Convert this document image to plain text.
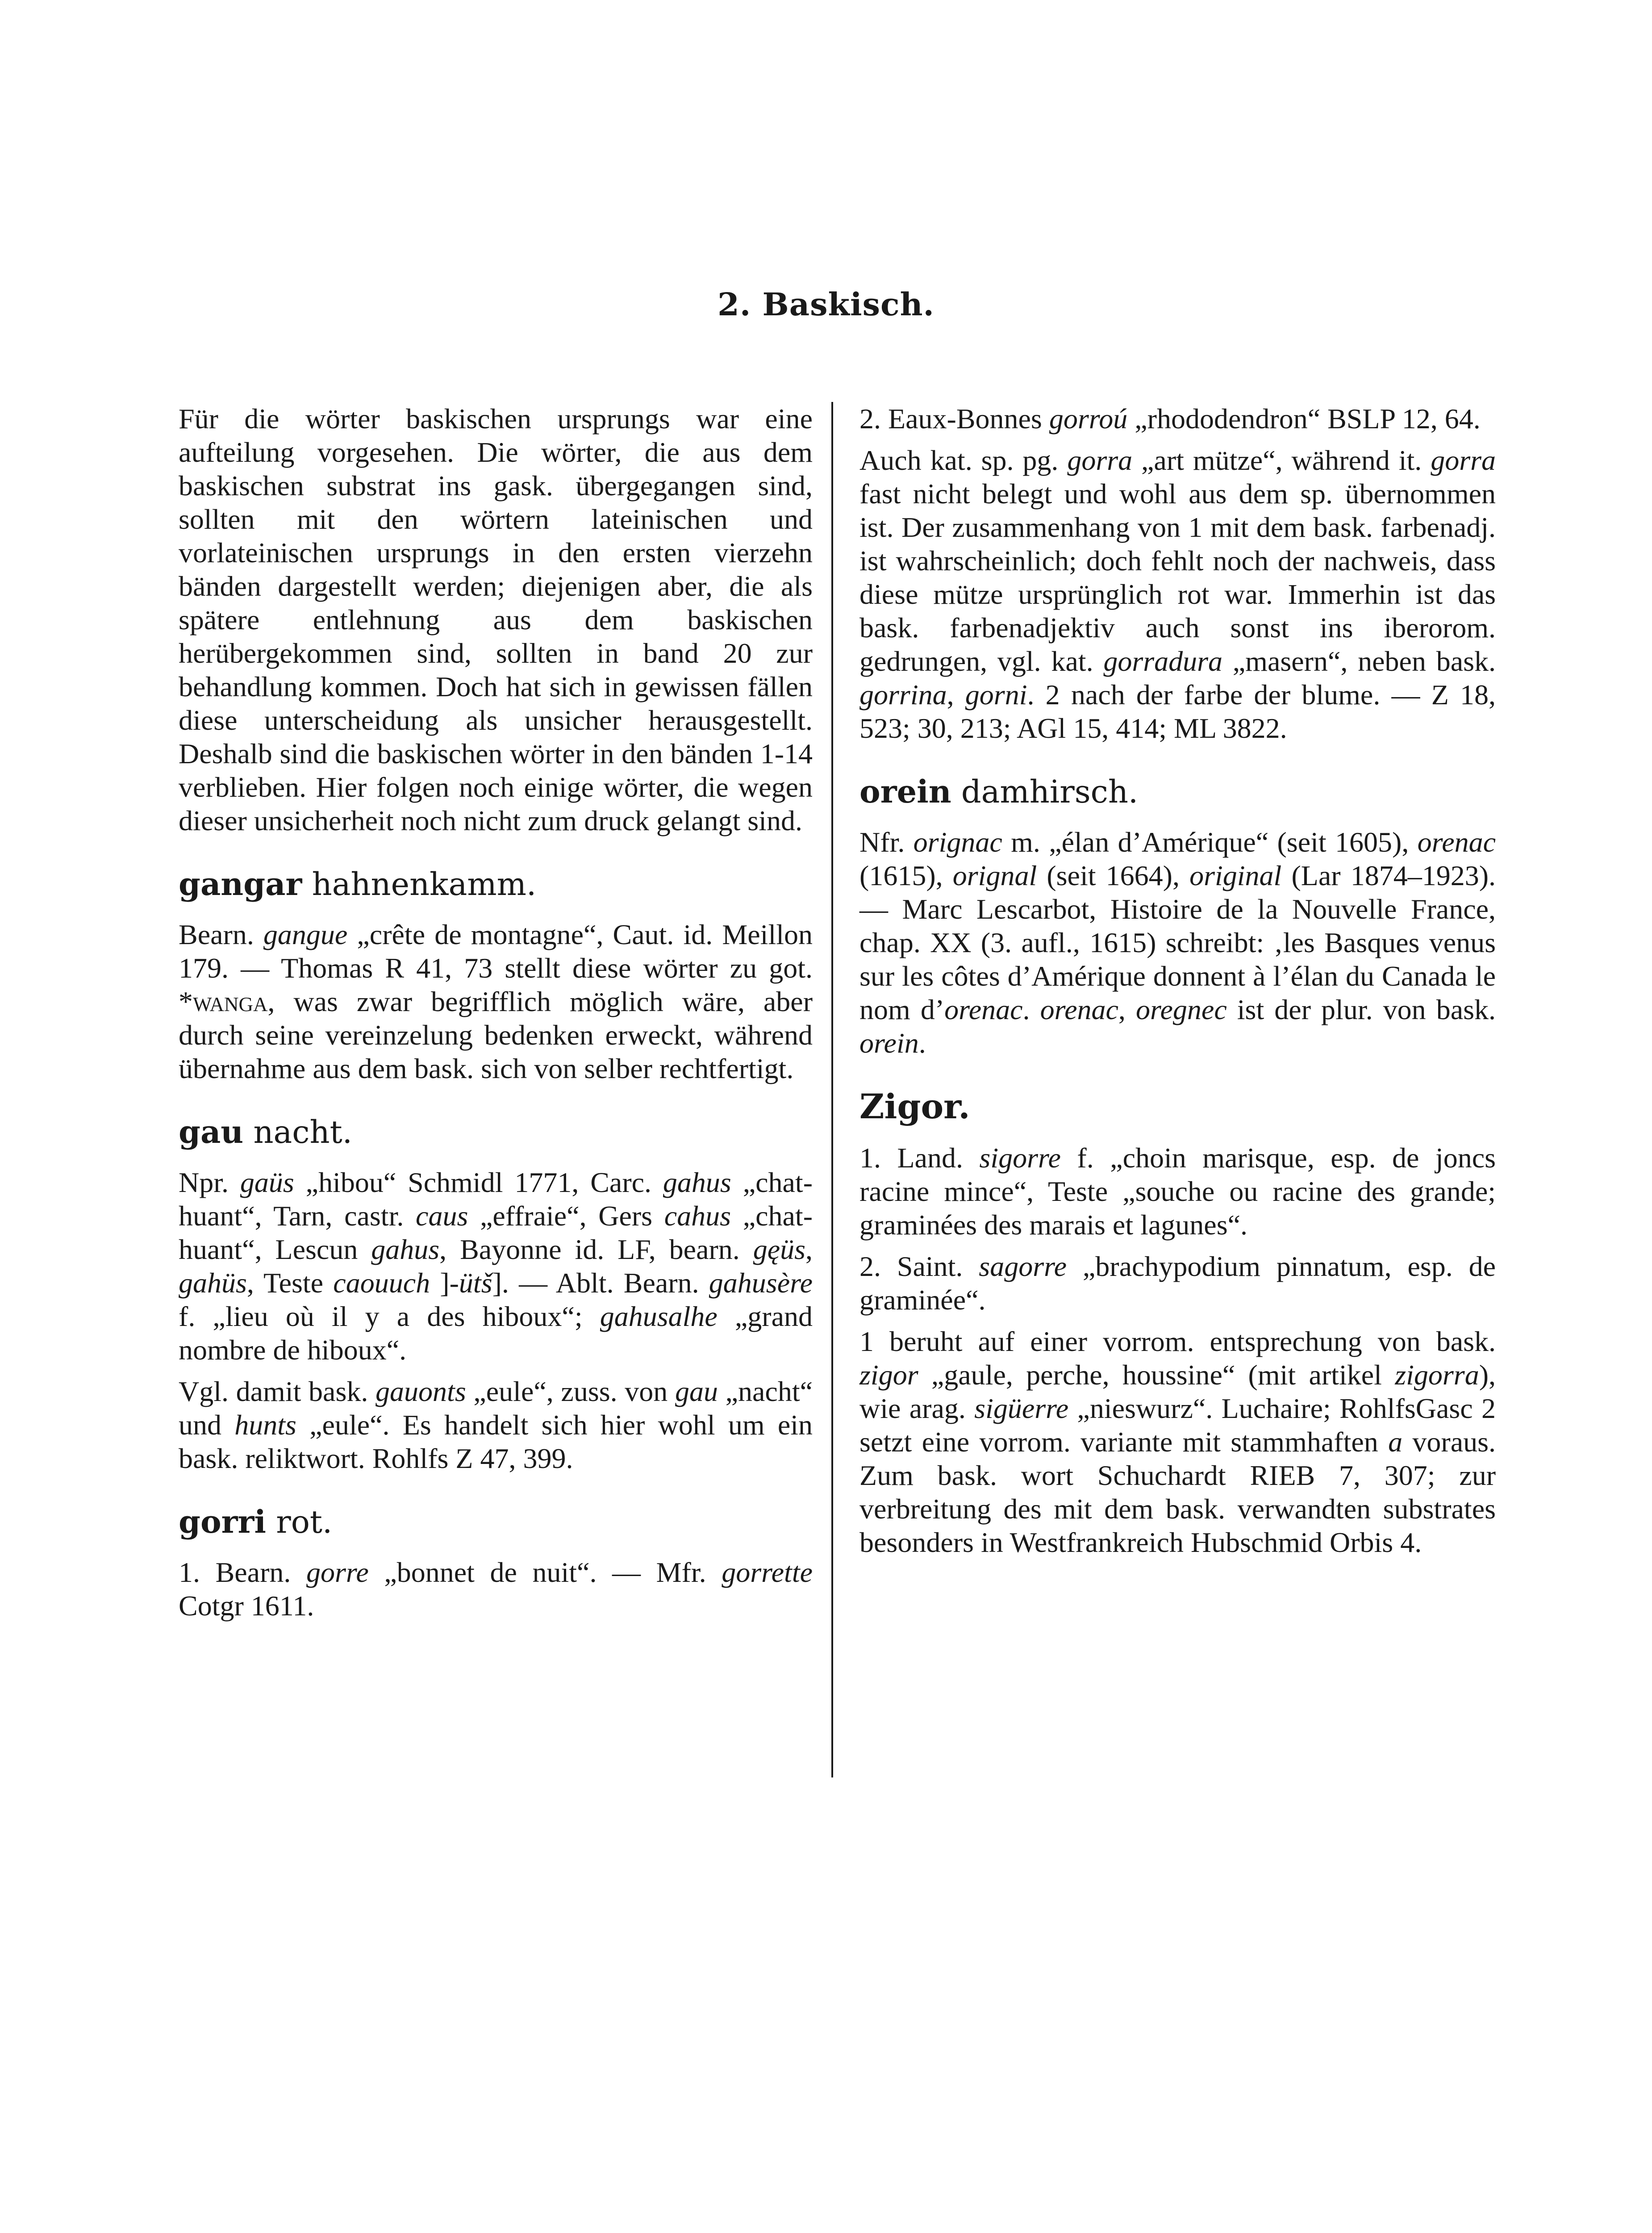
2. Baskisch.

Für die wörter baskischen ursprungs war eine aufteilung vorgesehen. Die wörter, die aus dem baskischen substrat ins gask. übergegangen sind, sollten mit den wörtern lateinischen und vorlateinischen ursprungs in den ersten vierzehn bänden dargestellt werden; diejenigen aber, die als spätere entlehnung aus dem baskischen herübergekommen sind, sollten in band 20 zur behandlung kommen. Doch hat sich in gewissen fällen diese unterscheidung als unsicher herausgestellt. Deshalb sind die baskischen wörter in den bänden 1-14 verblieben. Hier folgen noch einige wörter, die wegen dieser unsicherheit noch nicht zum druck gelangt sind.

gangar hahnenkamm.

Bearn. gangue „crête de montagne“, Caut. id. Meillon 179. — Thomas R 41, 73 stellt diese wörter zu got. *wanga, was zwar begrifflich möglich wäre, aber durch seine vereinzelung bedenken erweckt, während übernahme aus dem bask. sich von selber rechtfertigt.

gau nacht.

Npr. gaüs „hibou“ Schmidl 1771, Carc. gahus „chat-huant“, Tarn, castr. caus „effraie“, Gers cahus „chat-huant“, Lescun gahus, Bayonne id. LF, bearn. gęüs, gahüs, Teste caouuch ]-ütš]. — Ablt. Bearn. gahusère f. „lieu où il y a des hiboux“; gahusalhe „grand nombre de hiboux“.

Vgl. damit bask. gauonts „eule“, zuss. von gau „nacht“ und hunts „eule“. Es handelt sich hier wohl um ein bask. reliktwort. Rohlfs Z 47, 399.

gorri rot.

1. Bearn. gorre „bonnet de nuit“. — Mfr. gorrette Cotgr 1611.

2. Eaux-Bonnes gorroú „rhododendron“ BSLP 12, 64.

Auch kat. sp. pg. gorra „art mütze“, während it. gorra fast nicht belegt und wohl aus dem sp. übernommen ist. Der zusammenhang von 1 mit dem bask. farbenadj. ist wahrscheinlich; doch fehlt noch der nachweis, dass diese mütze ursprünglich rot war. Immerhin ist das bask. farbenadjektiv auch sonst ins iberorom. gedrungen, vgl. kat. gorradura „masern“, neben bask. gorrina, gorni. 2 nach der farbe der blume. — Z 18, 523; 30, 213; AGl 15, 414; ML 3822.

orein damhirsch.

Nfr. orignac m. „élan d’Amérique“ (seit 1605), orenac (1615), orignal (seit 1664), original (Lar 1874–1923). — Marc Lescarbot, Histoire de la Nouvelle France, chap. XX (3. aufl., 1615) schreibt: ‚les Basques venus sur les côtes d’Amérique donnent à l’élan du Canada le nom d’orenac. orenac, oregnec ist der plur. von bask. orein.

Zigor.

1. Land. sigorre f. „choin marisque, esp. de joncs racine mince“, Teste „souche ou racine des grande; graminées des marais et lagunes“.

2. Saint. sagorre „brachypodium pinnatum, esp. de graminée“.

1 beruht auf einer vorrom. entsprechung von bask. zigor „gaule, perche, houssine“ (mit artikel zigorra), wie arag. sigüerre „nieswurz“. Luchaire; RohlfsGasc 2 setzt eine vorrom. variante mit stammhaften a voraus. Zum bask. wort Schuchardt RIEB 7, 307; zur verbreitung des mit dem bask. verwandten substrates besonders in Westfrankreich Hubschmid Orbis 4.
